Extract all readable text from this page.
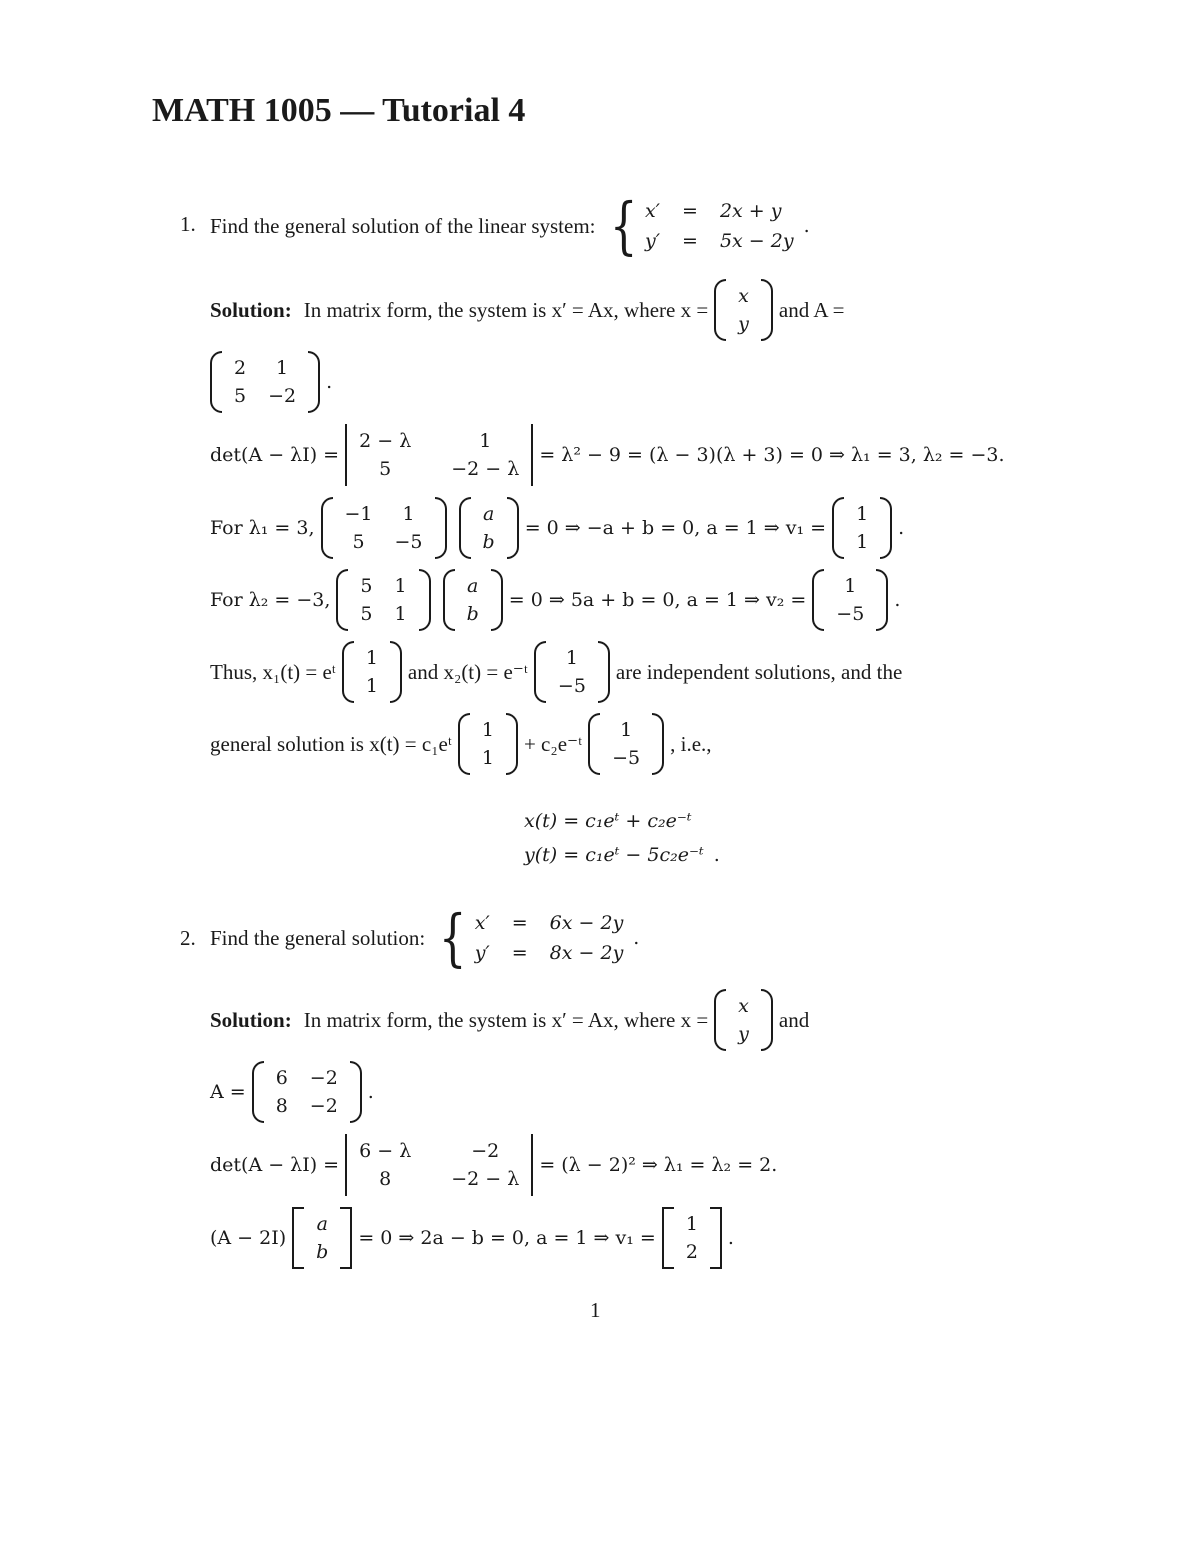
MATH 1005 — Tutorial 4
1. Find the general solution of the linear system: { x′ = 2x + y
y′ = 5x − 2y
.
Solution: In matrix form, the system is x′ = Ax, where x =
x
y
and A =
2 1
5 −2
.
det(A − λI) =
2 − λ	1
5	−2 − λ
= λ² − 9 = (λ − 3)(λ + 3) = 0 ⇒ λ₁ = 3, λ₂ = −3.
For λ₁ = 3,
−1 1
5 −5
a
b
= 0 ⇒ −a + b = 0, a = 1 ⇒ v₁ =
1
1
.
For λ₂ = −3,
5 1
5 1
a
b
= 0 ⇒ 5a + b = 0, a = 1 ⇒ v₂ =
1
−5
.
Thus, x₁(t) = eᵗ
1
1
and x₂(t) = e⁻ᵗ
1
−5
are independent solutions, and the
general solution is x(t) = c₁eᵗ
1
1
+ c₂e⁻ᵗ
1
−5
, i.e.,
x(t) = c₁eᵗ + c₂e⁻ᵗ
y(t) = c₁eᵗ − 5c₂e⁻ᵗ .
2. Find the general solution: { x′ = 6x − 2y
y′ = 8x − 2y
.
Solution: In matrix form, the system is x′ = Ax, where x =
x
y
and
A =
6 −2
8 −2
.
det(A − λI) =
6 − λ	−2
8	−2 − λ
= (λ − 2)² ⇒ λ₁ = λ₂ = 2.
(A − 2I)
a
b
= 0 ⇒ 2a − b = 0, a = 1 ⇒ v₁ =
1
2
.
1
